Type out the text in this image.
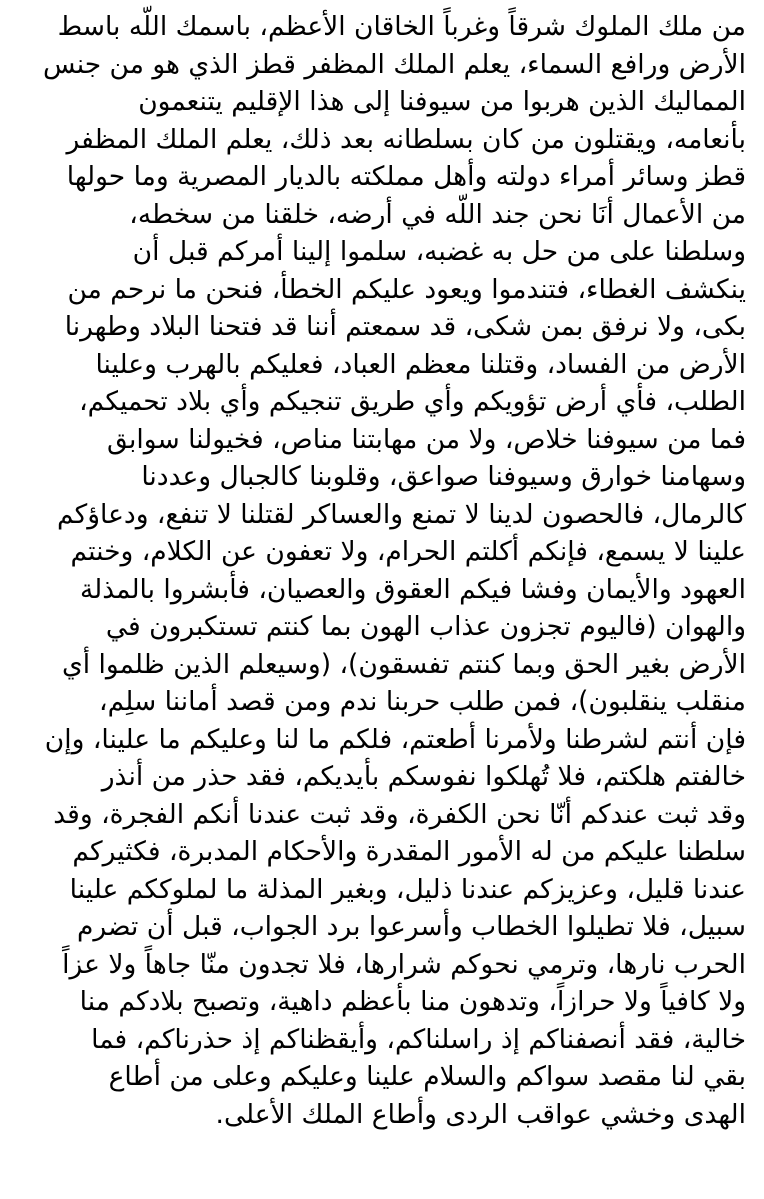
من ملك الملوك شرقاً وغرباً الخاقان الأعظم، باسمك اللّه باسط
الأرض ورافع السماء، يعلم الملك المظفر قطز الذي هو من جنس
المماليك الذين هربوا من سيوفنا إلى هذا الإقليم يتنعمون
بأنعامه، ويقتلون من كان بسلطانه بعد ذلك، يعلم الملك المظفر
قطز وسائر أمراء دولته وأهل مملكته بالديار المصرية وما حولها
من الأعمال أنَا نحن جند اللّه في أرضه، خلقنا من سخطه،
وسلطنا على من حل به غضبه، سلموا إلينا أمركم قبل أن
ينكشف الغطاء، فتندموا ويعود عليكم الخطأ، فنحن ما نرحم من
بكى، ولا نرفق بمن شكى، قد سمعتم أننا قد فتحنا البلاد وطهرنا
الأرض من الفساد، وقتلنا معظم العباد، فعليكم بالهرب وعلينا
الطلب، فأي أرض تؤويكم وأي طريق تنجيكم وأي بلاد تحميكم،
فما من سيوفنا خلاص، ولا من مهابتنا مناص، فخيولنا سوابق
وسهامنا خوارق وسيوفنا صواعق، وقلوبنا كالجبال وعددنا
كالرمال، فالحصون لدينا لا تمنع والعساكر لقتلنا لا تنفع، ودعاؤكم
علينا لا يسمع، فإنكم أكلتم الحرام، ولا تعفون عن الكلام، وخنتم
العهود والأيمان وفشا فيكم العقوق والعصيان، فأبشروا بالمذلة
والهوان (فاليوم تجزون عذاب الهون بما كنتم تستكبرون في
الأرض بغير الحق وبما كنتم تفسقون)، (وسيعلم الذين ظلموا أي
منقلب ينقلبون)، فمن طلب حربنا ندم ومن قصد أماننا سلِم،
فإن أنتم لشرطنا ولأمرنا أطعتم، فلكم ما لنا وعليكم ما علينا، وإن
خالفتم هلكتم، فلا تُهلكوا نفوسكم بأيديكم، فقد حذر من أنذر
وقد ثبت عندكم أنّا نحن الكفرة، وقد ثبت عندنا أنكم الفجرة، وقد
سلطنا عليكم من له الأمور المقدرة والأحكام المدبرة، فكثيركم
عندنا قليل، وعزيزكم عندنا ذليل، وبغير المذلة ما لملوككم علينا
سبيل، فلا تطيلوا الخطاب وأسرعوا برد الجواب، قبل أن تضرم
الحرب نارها، وترمي نحوكم شرارها، فلا تجدون منّا جاهاً ولا عزاً
ولا كافياً ولا حرازاً، وتدهون منا بأعظم داهية، وتصبح بلادكم منا
خالية، فقد أنصفناكم إذ راسلناكم، وأيقظناكم إذ حذرناكم، فما
بقي لنا مقصد سواكم والسلام علينا وعليكم وعلى من أطاع
الهدى وخشي عواقب الردى وأطاع الملك الأعلى.
